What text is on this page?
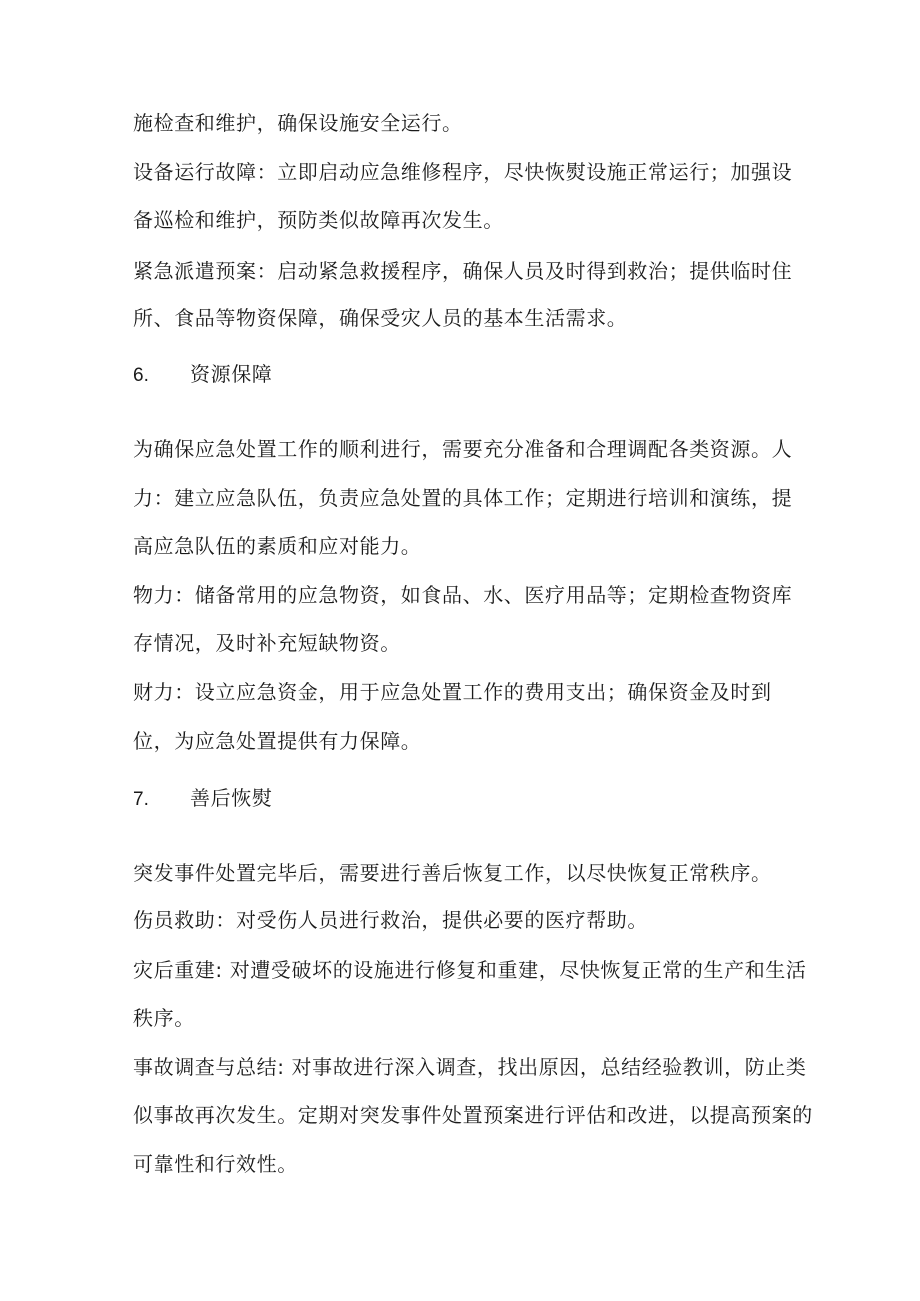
施检查和维护，确保设施安全运行。
设备运行故障：立即启动应急维修程序，尽快恢熨设施正常运行；加强设
备巡检和维护，预防类似故障再次发生。
紧急派遣预案：启动紧急救援程序，确保人员及时得到救治；提供临时住
所、食品等物资保障，确保受灾人员的基本生活需求。
6. 资源保障
为确保应急处置工作的顺利进行，需要充分准备和合理调配各类资源。人
力：建立应急队伍，负责应急处置的具体工作；定期进行培训和演练，提
高应急队伍的素质和应对能力。
物力：储备常用的应急物资，如食品、水、医疗用品等；定期检查物资库
存情况，及时补充短缺物资。
财力：设立应急资金，用于应急处置工作的费用支出；确保资金及时到
位，为应急处置提供有力保障。
7. 善后恢熨
突发事件处置完毕后，需要进行善后恢复工作，以尽快恢复正常秩序。
伤员救助：对受伤人员进行救治，提供必要的医疗帮助。
灾后重建: 对遭受破坏的设施进行修复和重建，尽快恢复正常的生产和生活
秩序。
事故调查与总结: 对事故进行深入调查，找出原因，总结经验教训，防止类
似事故再次发生。定期对突发事件处置预案进行评估和改进，以提高预案的
可靠性和行效性。
